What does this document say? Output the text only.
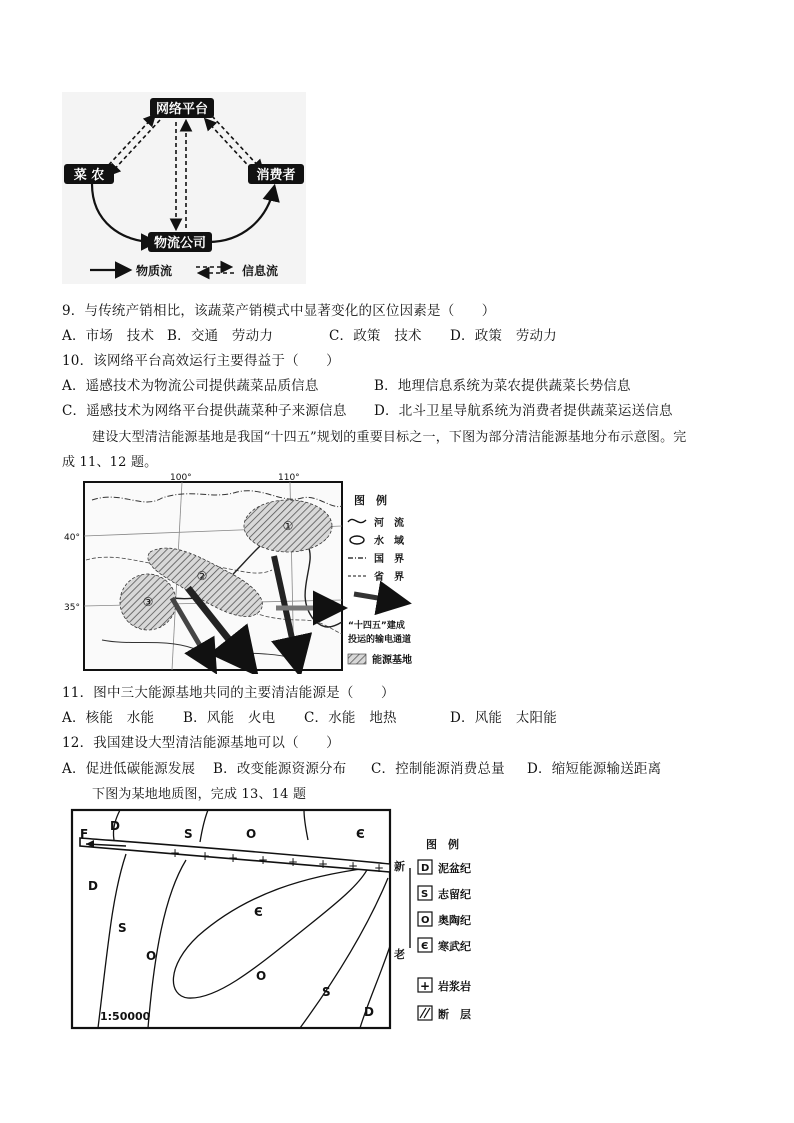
网络平台
菜 农	消费者
物流公司
物质流	信息流
9．与传统产销相比，该蔬菜产销模式中显著变化的区位因素是（　　）
A．市场　技术 B．交通　劳动力	C．政策　技术 D．政策　劳动力
10．该网络平台高效运行主要得益于（　　）
A．遥感技术为物流公司提供蔬菜品质信息	B．地理信息系统为菜农提供蔬菜长势信息
C．遥感技术为网络平台提供蔬菜种子来源信息 D．北斗卫星导航系统为消费者提供蔬菜运送信息
建设大型清洁能源基地是我国“十四五”规划的重要目标之一，下图为部分清洁能源基地分布示意图。完
成 11、12 题。
100°	110°
40°
35°
①
②
③
图　例
河　流
水　域
国　界
省　界
“十四五”建成
投运的输电通道
能源基地
11．图中三大能源基地共同的主要清洁能源是（　　）
A．核能　水能 B．风能　火电 C．水能　地热	D．风能　太阳能
12．我国建设大型清洁能源基地可以（　　）
A．促进低碳能源发展 B．改变能源资源分布 C．控制能源消费总量 D．缩短能源输送距离
下图为某地地质图，完成 13、14 题
F
+ + + + + + + +
D
S	O	Є
D
S
O
Є
O
S
D
1:50000
图　例
新
老
D 泥盆纪
S 志留纪
O 奥陶纪
Є 寒武纪
+ 岩浆岩
断　层
